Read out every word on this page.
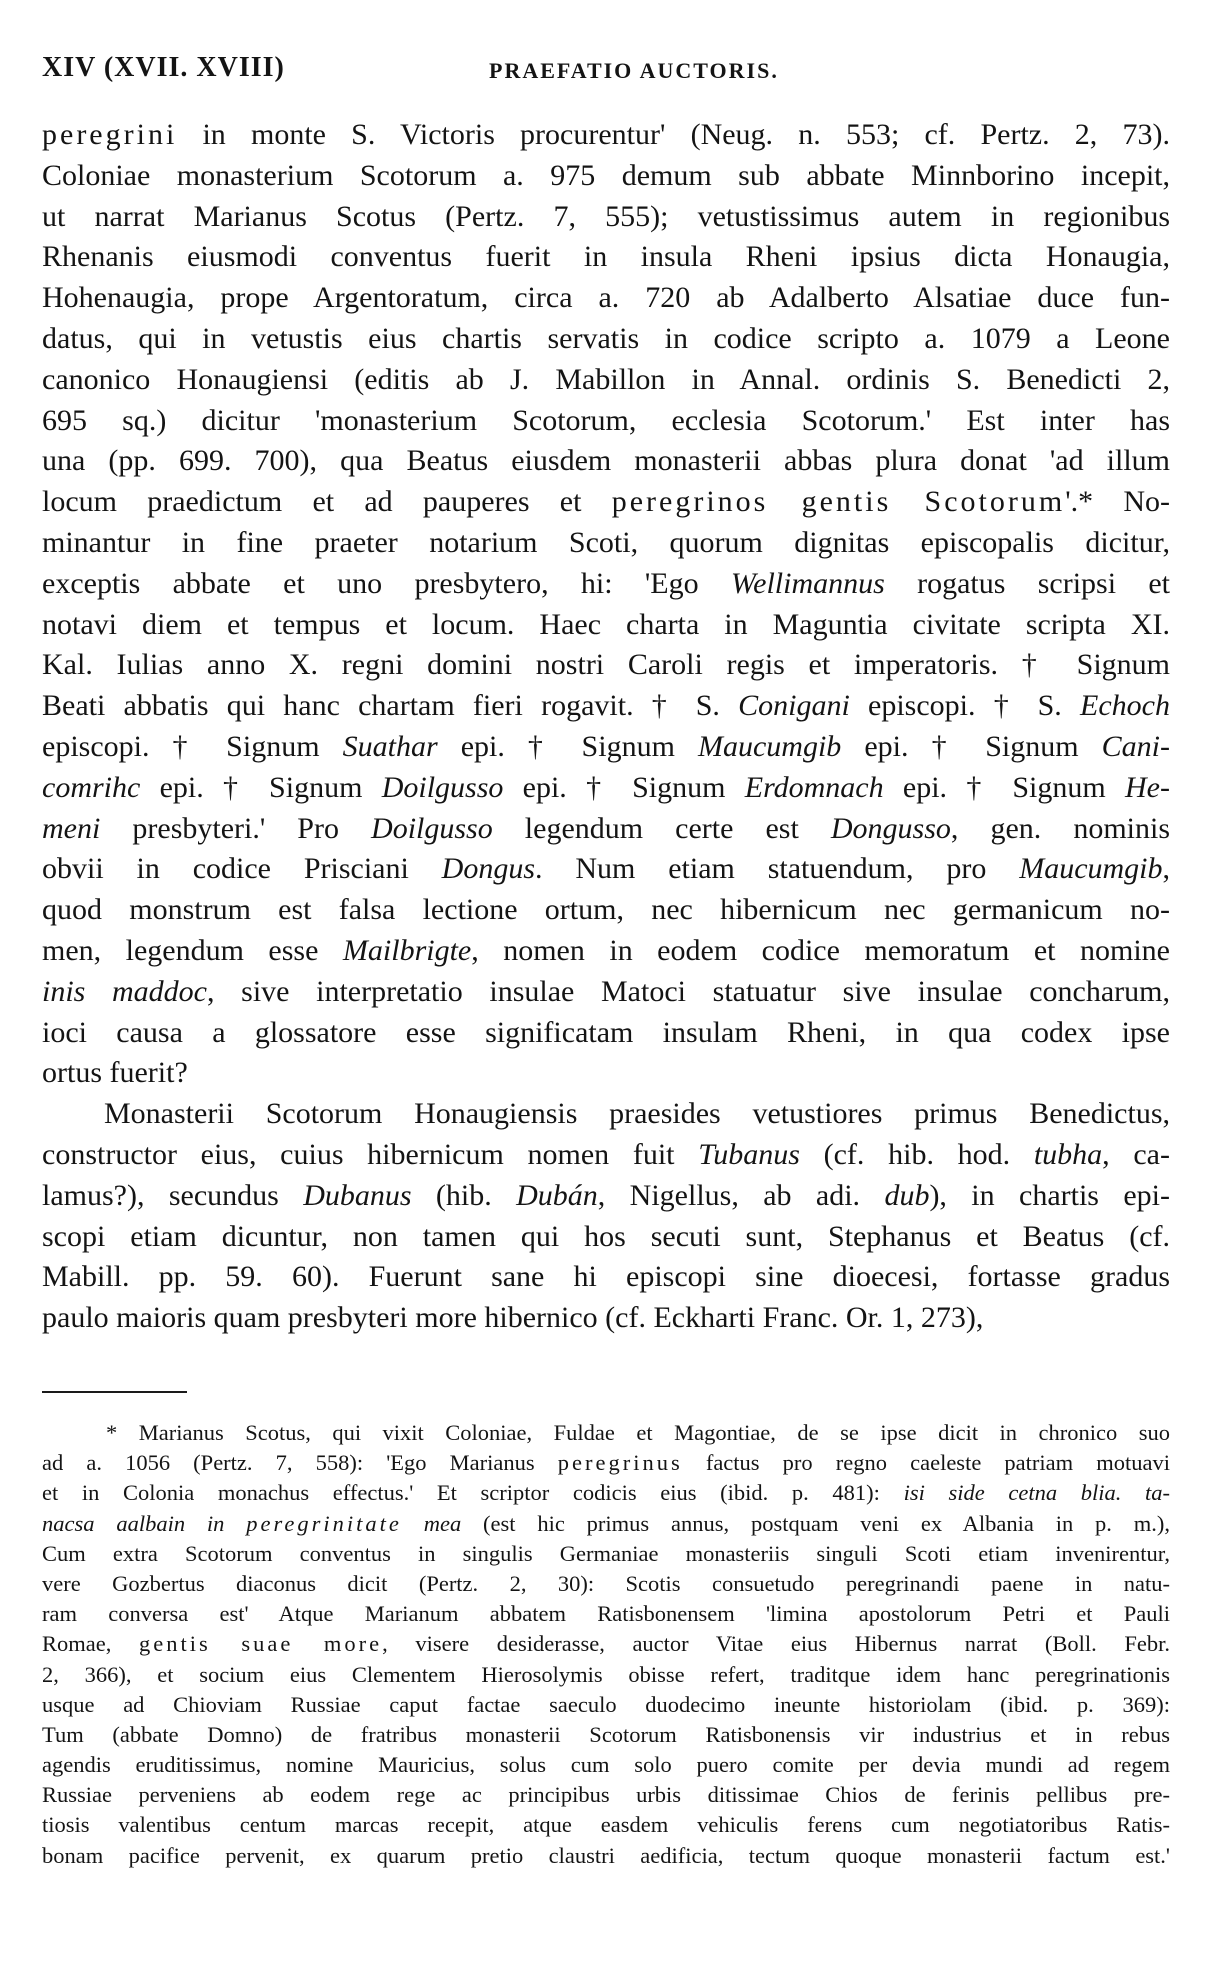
XIV (XVII. XVIII)	PRAEFATIO AUCTORIS.
peregrini in monte S. Victoris procurentur' (Neug. n. 553; cf. Pertz. 2, 73).
Coloniae monasterium Scotorum a. 975 demum sub abbate Minnborino incepit,
ut narrat Marianus Scotus (Pertz. 7, 555); vetustissimus autem in regionibus
Rhenanis eiusmodi conventus fuerit in insula Rheni ipsius dicta Honaugia,
Hohenaugia, prope Argentoratum, circa a. 720 ab Adalberto Alsatiae duce fun-
datus, qui in vetustis eius chartis servatis in codice scripto a. 1079 a Leone
canonico Honaugiensi (editis ab J. Mabillon in Annal. ordinis S. Benedicti 2,
695 sq.) dicitur 'monasterium Scotorum, ecclesia Scotorum.' Est inter has
una (pp. 699. 700), qua Beatus eiusdem monasterii abbas plura donat 'ad illum
locum praedictum et ad pauperes et peregrinos gentis Scotorum'.* No-
minantur in fine praeter notarium Scoti, quorum dignitas episcopalis dicitur,
exceptis abbate et uno presbytero, hi: 'Ego Wellimannus rogatus scripsi et
notavi diem et tempus et locum. Haec charta in Maguntia civitate scripta XI.
Kal. Iulias anno X. regni domini nostri Caroli regis et imperatoris. † Signum
Beati abbatis qui hanc chartam fieri rogavit. † S. Conigani episcopi. † S. Echoch
episcopi. † Signum Suathar epi. † Signum Maucumgib epi. † Signum Cani-
comrihc epi. † Signum Doilgusso epi. † Signum Erdomnach epi. † Signum He-
meni presbyteri.' Pro Doilgusso legendum certe est Dongusso, gen. nominis
obvii in codice Prisciani Dongus. Num etiam statuendum, pro Maucumgib,
quod monstrum est falsa lectione ortum, nec hibernicum nec germanicum no-
men, legendum esse Mailbrigte, nomen in eodem codice memoratum et nomine
inis maddoc, sive interpretatio insulae Matoci statuatur sive insulae concharum,
ioci causa a glossatore esse significatam insulam Rheni, in qua codex ipse
ortus fuerit?
Monasterii Scotorum Honaugiensis praesides vetustiores primus Benedictus,
constructor eius, cuius hibernicum nomen fuit Tubanus (cf. hib. hod. tubha, ca-
lamus?), secundus Dubanus (hib. Dubán, Nigellus, ab adi. dub), in chartis epi-
scopi etiam dicuntur, non tamen qui hos secuti sunt, Stephanus et Beatus (cf.
Mabill. pp. 59. 60). Fuerunt sane hi episcopi sine dioecesi, fortasse gradus
paulo maioris quam presbyteri more hibernico (cf. Eckharti Franc. Or. 1, 273),
* Marianus Scotus, qui vixit Coloniae, Fuldae et Magontiae, de se ipse dicit in chronico suo
ad a. 1056 (Pertz. 7, 558): 'Ego Marianus peregrinus factus pro regno caeleste patriam motuavi
et in Colonia monachus effectus.' Et scriptor codicis eius (ibid. p. 481): isi side cetna blia. ta-
nacsa aalbain in peregrinitate mea (est hic primus annus, postquam veni ex Albania in p. m.),
Cum extra Scotorum conventus in singulis Germaniae monasteriis singuli Scoti etiam invenirentur,
vere Gozbertus diaconus dicit (Pertz. 2, 30): Scotis consuetudo peregrinandi paene in natu-
ram conversa est' Atque Marianum abbatem Ratisbonensem 'limina apostolorum Petri et Pauli
Romae, gentis suae more, visere desiderasse, auctor Vitae eius Hibernus narrat (Boll. Febr.
2, 366), et socium eius Clementem Hierosolymis obisse refert, traditque idem hanc peregrinationis
usque ad Chioviam Russiae caput factae saeculo duodecimo ineunte historiolam (ibid. p. 369):
Tum (abbate Domno) de fratribus monasterii Scotorum Ratisbonensis vir industrius et in rebus
agendis eruditissimus, nomine Mauricius, solus cum solo puero comite per devia mundi ad regem
Russiae perveniens ab eodem rege ac principibus urbis ditissimae Chios de ferinis pellibus pre-
tiosis valentibus centum marcas recepit, atque easdem vehiculis ferens cum negotiatoribus Ratis-
bonam pacifice pervenit, ex quarum pretio claustri aedificia, tectum quoque monasterii factum est.'
